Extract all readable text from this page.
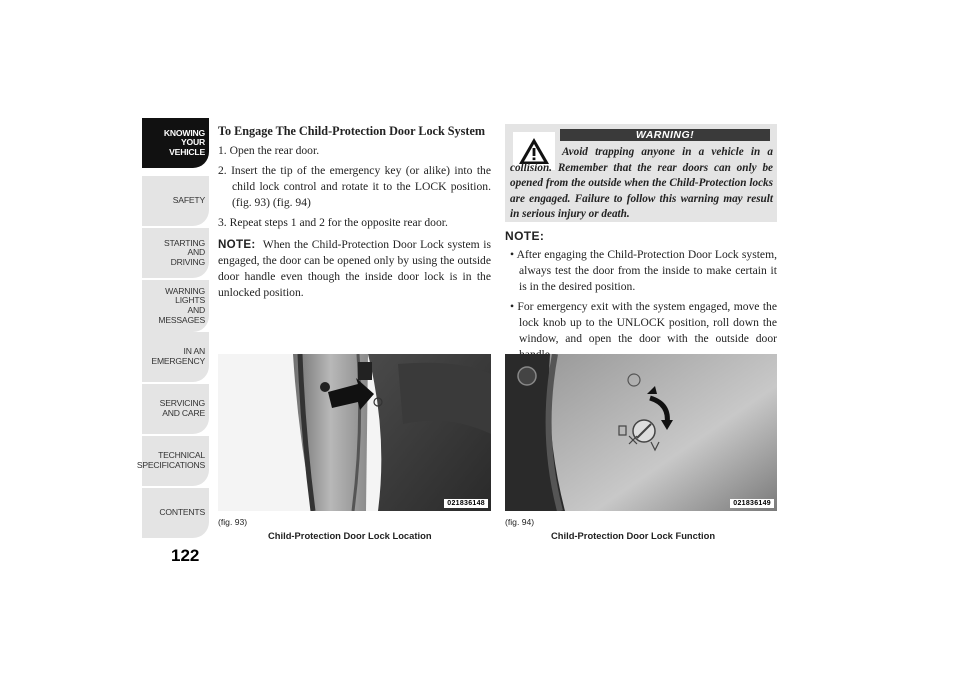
KNOWING
YOUR
VEHICLE
SAFETY
STARTING
AND
DRIVING
WARNING
LIGHTS
AND
MESSAGES
IN AN
EMERGENCY
SERVICING
AND CARE
TECHNICAL
SPECIFICATIONS
CONTENTS
122

To Engage The Child-Protection Door Lock System

1. Open the rear door.

2. Insert the tip of the emergency key (or alike) into the child lock control and rotate it to the LOCK position. (fig. 93) (fig. 94)

3. Repeat steps 1 and 2 for the opposite rear door.

NOTE: When the Child-Protection Door Lock system is engaged, the door can be opened only by using the outside door handle even though the inside door lock is in the unlocked position.

WARNING!
Avoid trapping anyone in a vehicle in a collision. Remember that the rear doors can only be opened from the outside when the Child-Protection locks are engaged. Failure to follow this warning may result in serious injury or death.

NOTE:

• After engaging the Child-Protection Door Lock system, always test the door from the inside to make certain it is in the desired position.

• For emergency exit with the system engaged, move the lock knob up to the UNLOCK position, roll down the window, and open the door with the outside door

021836148
(fig. 93)
Child-Protection Door Lock Location
021836149
(fig. 94)
Child-Protection Door Lock Function
